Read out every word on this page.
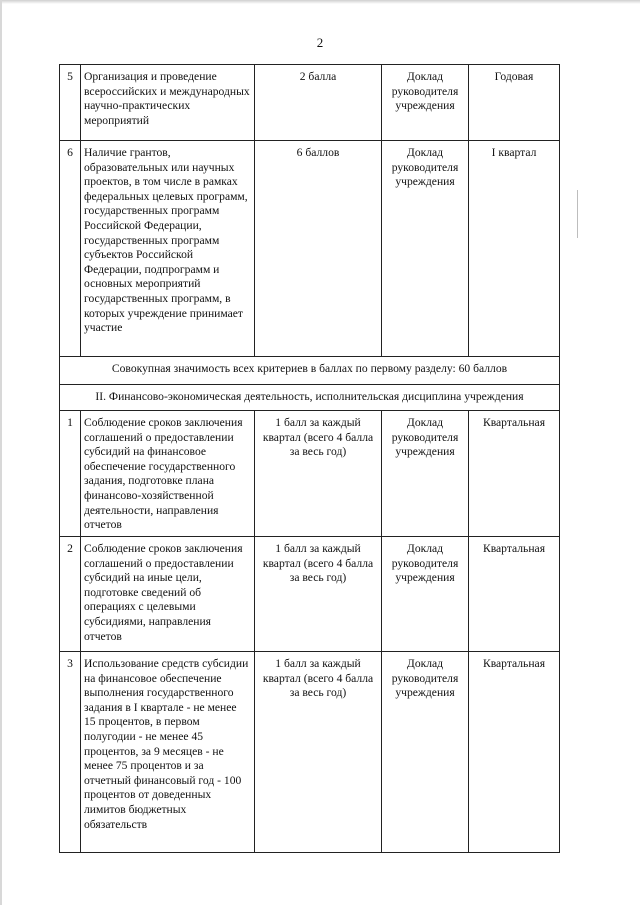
2
5	Организация и проведение всероссийских и международных научно-практических мероприятий	2 балла	Доклад руководителя учреждения	Годовая
6	Наличие грантов, образовательных или научных проектов, в том числе в рамках федеральных целевых программ, государственных программ Российской Федерации, государственных программ субъектов Российской Федерации, подпрограмм и основных мероприятий государственных программ, в которых учреждение принимает участие	6 баллов	Доклад руководителя учреждения	I квартал
Совокупная значимость всех критериев в баллах по первому разделу: 60 баллов				
II. Финансово-экономическая деятельность, исполнительская дисциплина учреждения				
1	Соблюдение сроков заключения соглашений о предоставлении субсидий на финансовое обеспечение государственного задания, подготовке плана финансово-хозяйственной деятельности, направления отчетов	1 балл за каждый квартал (всего 4 балла за весь год)	Доклад руководителя учреждения	Квартальная
2	Соблюдение сроков заключения соглашений о предоставлении субсидий на иные цели, подготовке сведений об операциях с целевыми субсидиями, направления отчетов	1 балл за каждый квартал (всего 4 балла за весь год)	Доклад руководителя учреждения	Квартальная
3	Использование средств субсидии на финансовое обеспечение выполнения государственного задания в I квартале - не менее 15 процентов, в первом полугодии - не менее 45 процентов, за 9 месяцев - не менее 75 процентов и за отчетный финансовый год - 100 процентов от доведенных лимитов бюджетных обязательств	1 балл за каждый квартал (всего 4 балла за весь год)	Доклад руководителя учреждения	Квартальная
